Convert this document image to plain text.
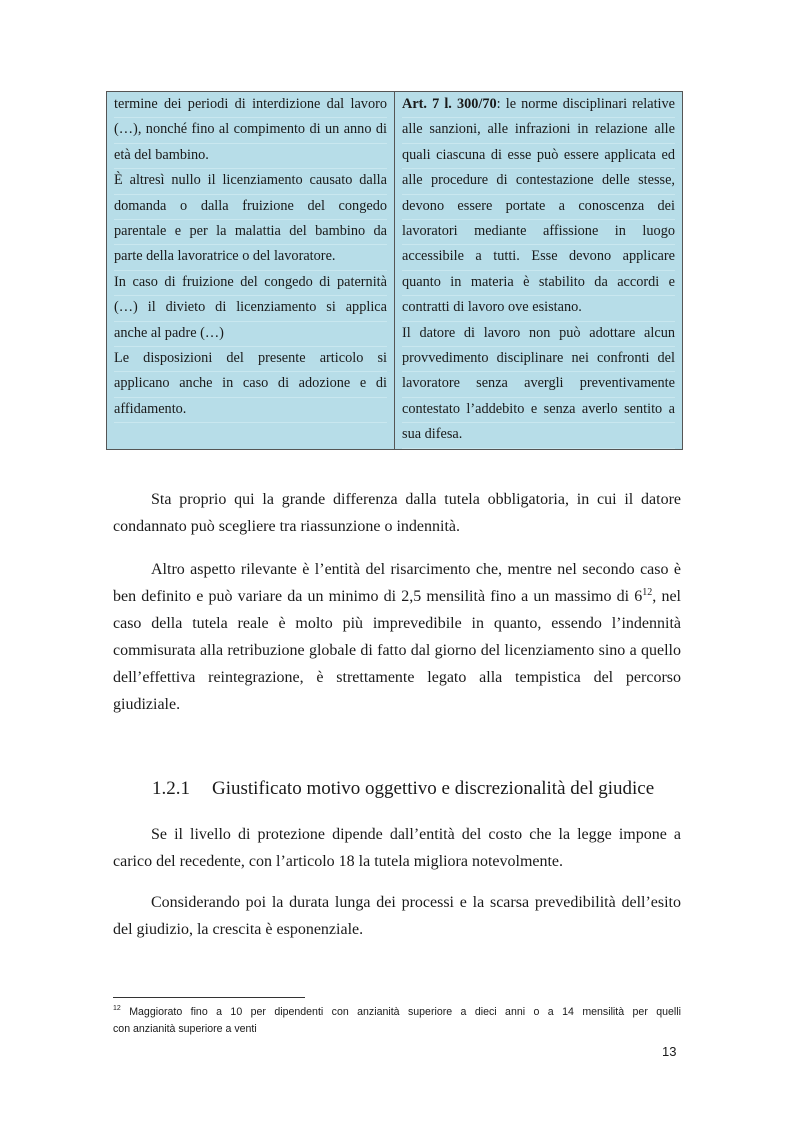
termine dei periodi di interdizione dal lavoro
(…), nonché fino al compimento di un anno di
età del bambino.
È altresì nullo il licenziamento causato dalla
domanda o dalla fruizione del congedo
parentale e per la malattia del bambino da
parte della lavoratrice o del lavoratore.
In caso di fruizione del congedo di paternità
(…) il divieto di licenziamento si applica
anche al padre (…)
Le disposizioni del presente articolo si
applicano anche in caso di adozione e di
affidamento.
Art. 7 l. 300/70: le norme disciplinari relative
alle sanzioni, alle infrazioni in relazione alle
quali ciascuna di esse può essere applicata ed
alle procedure di contestazione delle stesse,
devono essere portate a conoscenza dei
lavoratori mediante affissione in luogo
accessibile a tutti. Esse devono applicare
quanto in materia è stabilito da accordi e
contratti di lavoro ove esistano.
Il datore di lavoro non può adottare alcun
provvedimento disciplinare nei confronti del
lavoratore senza avergli preventivamente
contestato l’addebito e senza averlo sentito a
sua difesa.
Sta proprio qui la grande differenza dalla tutela obbligatoria, in cui il datore
condannato può scegliere tra riassunzione o indennità.
Altro aspetto rilevante è l’entità del risarcimento che, mentre nel secondo caso è
ben definito e può variare da un minimo di 2,5 mensilità fino a un massimo di $6^{12}$, nel
caso della tutela reale è molto più imprevedibile in quanto, essendo l’indennità
commisurata alla retribuzione globale di fatto dal giorno del licenziamento sino a quello
dell’effettiva reintegrazione, è strettamente legato alla tempistica del percorso
giudiziale.
1.2.1 Giustificato motivo oggettivo e discrezionalità del giudice
Se il livello di protezione dipende dall’entità del costo che la legge impone a
carico del recedente, con l’articolo 18 la tutela migliora notevolmente.
Considerando poi la durata lunga dei processi e la scarsa prevedibilità dell’esito
del giudizio, la crescita è esponenziale.
$^{12}$ Maggiorato fino a 10 per dipendenti con anzianità superiore a dieci anni o a 14 mensilità per quelli
con anzianità superiore a venti
13
